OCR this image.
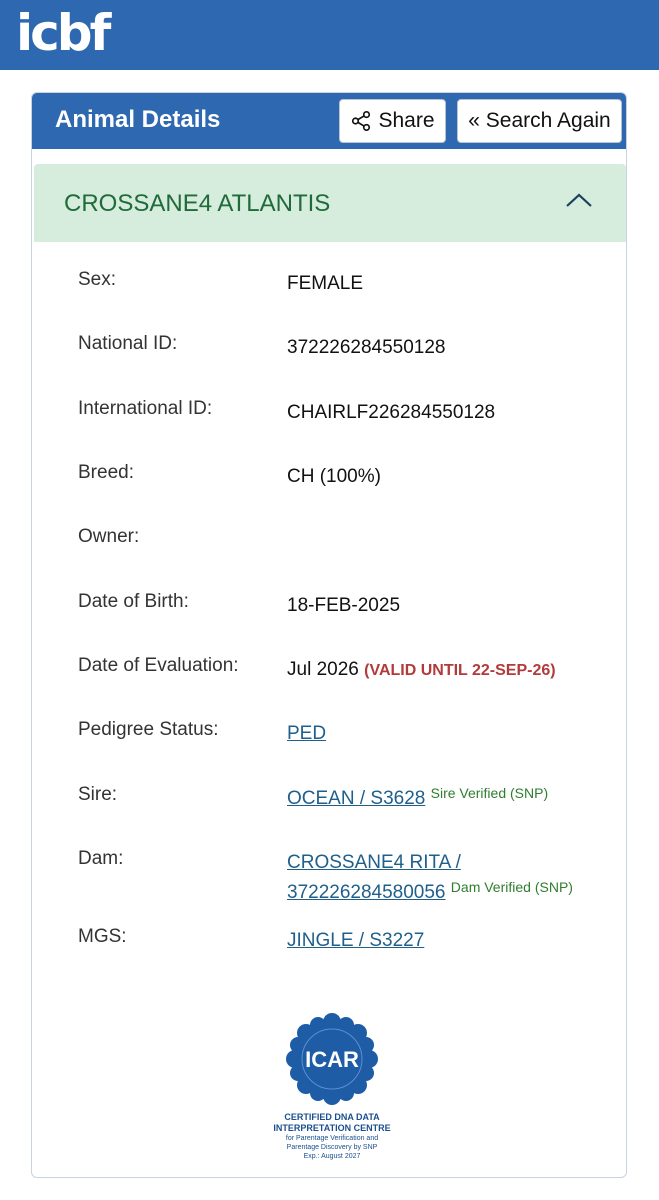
icbf
Animal Details	Share	« Search Again
CROSSANE4 ATLANTIS
Sex:	FEMALE
National ID:	372226284550128
International ID:	CHAIRLF226284550128
Breed:	CH (100%)
Owner:
Date of Birth:	18-FEB-2025
Date of Evaluation:	Jul 2026 (VALID UNTIL 22-SEP-26)
Pedigree Status:	PED
Sire:	OCEAN / S3628 $^{Sire Verified (SNP)}$
Dam:	CROSSANE4 RITA /
372226284580056 $^{Dam Verified (SNP)}$
MGS:	JINGLE / S3227
ICAR
CERTIFIED DNA DATA
INTERPRETATION CENTRE
for Parentage Verification and
Parentage Discovery by SNP
Exp.: August 2027
